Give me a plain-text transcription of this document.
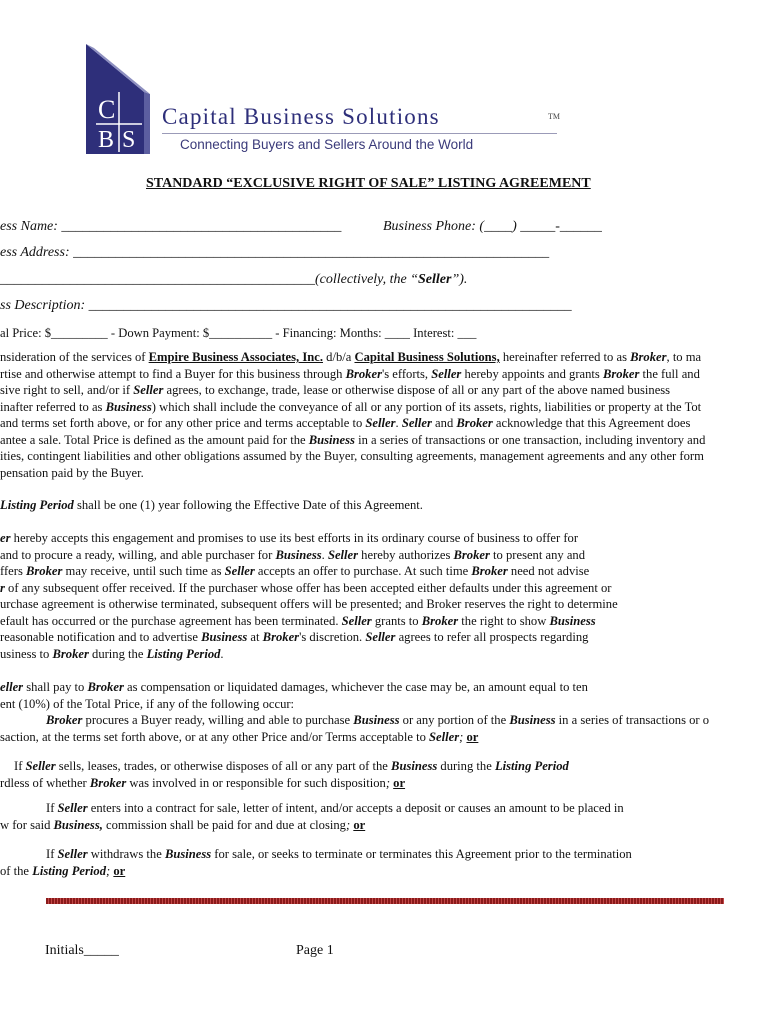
C
B S
Capital Business Solutions	TM
Connecting Buyers and Sellers Around the World
STANDARD “EXCLUSIVE RIGHT OF SALE” LISTING AGREEMENT
ess Name: ________________________________________	Business Phone: (____) _____-______
ess Address: ____________________________________________________________________
_____________________________________________(collectively, the “Seller”).
ss Description: _____________________________________________________________________
al Price: $_________ - Down Payment: $__________ - Financing: Months: ____ Interest: ___
nsideration of the services of Empire Business Associates, Inc. d/b/a Capital Business Solutions, hereinafter referred to as Broker, to ma
rtise and otherwise attempt to find a Buyer for this business through Broker's efforts, Seller hereby appoints and grants Broker the full and
sive right to sell, and/or if Seller agrees, to exchange, trade, lease or otherwise dispose of all or any part of the above named business
inafter referred to as Business) which shall include the conveyance of all or any portion of its assets, rights, liabilities or property at the Tot
and terms set forth above, or for any other price and terms acceptable to Seller. Seller and Broker acknowledge that this Agreement does
antee a sale. Total Price is defined as the amount paid for the Business in a series of transactions or one transaction, including inventory and
ities, contingent liabilities and other obligations assumed by the Buyer, consulting agreements, management agreements and any other form
pensation paid by the Buyer.
Listing Period shall be one (1) year following the Effective Date of this Agreement.
er hereby accepts this engagement and promises to use its best efforts in its ordinary course of business to offer for
and to procure a ready, willing, and able purchaser for Business. Seller hereby authorizes Broker to present any and
ffers Broker may receive, until such time as Seller accepts an offer to purchase. At such time Broker need not advise
r of any subsequent offer received. If the purchaser whose offer has been accepted either defaults under this agreement or
urchase agreement is otherwise terminated, subsequent offers will be presented; and Broker reserves the right to determine
efault has occurred or the purchase agreement has been terminated. Seller grants to Broker the right to show Business
reasonable notification and to advertise Business at Broker's discretion. Seller agrees to refer all prospects regarding
usiness to Broker during the Listing Period.
eller shall pay to Broker as compensation or liquidated damages, whichever the case may be, an amount equal to ten
ent (10%) of the Total Price, if any of the following occur:
Broker procures a Buyer ready, willing and able to purchase Business or any portion of the Business in a series of transactions or o
saction, at the terms set forth above, or at any other Price and/or Terms acceptable to Seller; or
If Seller sells, leases, trades, or otherwise disposes of all or any part of the Business during the Listing Period
rdless of whether Broker was involved in or responsible for such disposition; or
If Seller enters into a contract for sale, letter of intent, and/or accepts a deposit or causes an amount to be placed in
w for said Business, commission shall be paid for and due at closing; or
If Seller withdraws the Business for sale, or seeks to terminate or terminates this Agreement prior to the termination
of the Listing Period; or
Initials_____	Page 1
